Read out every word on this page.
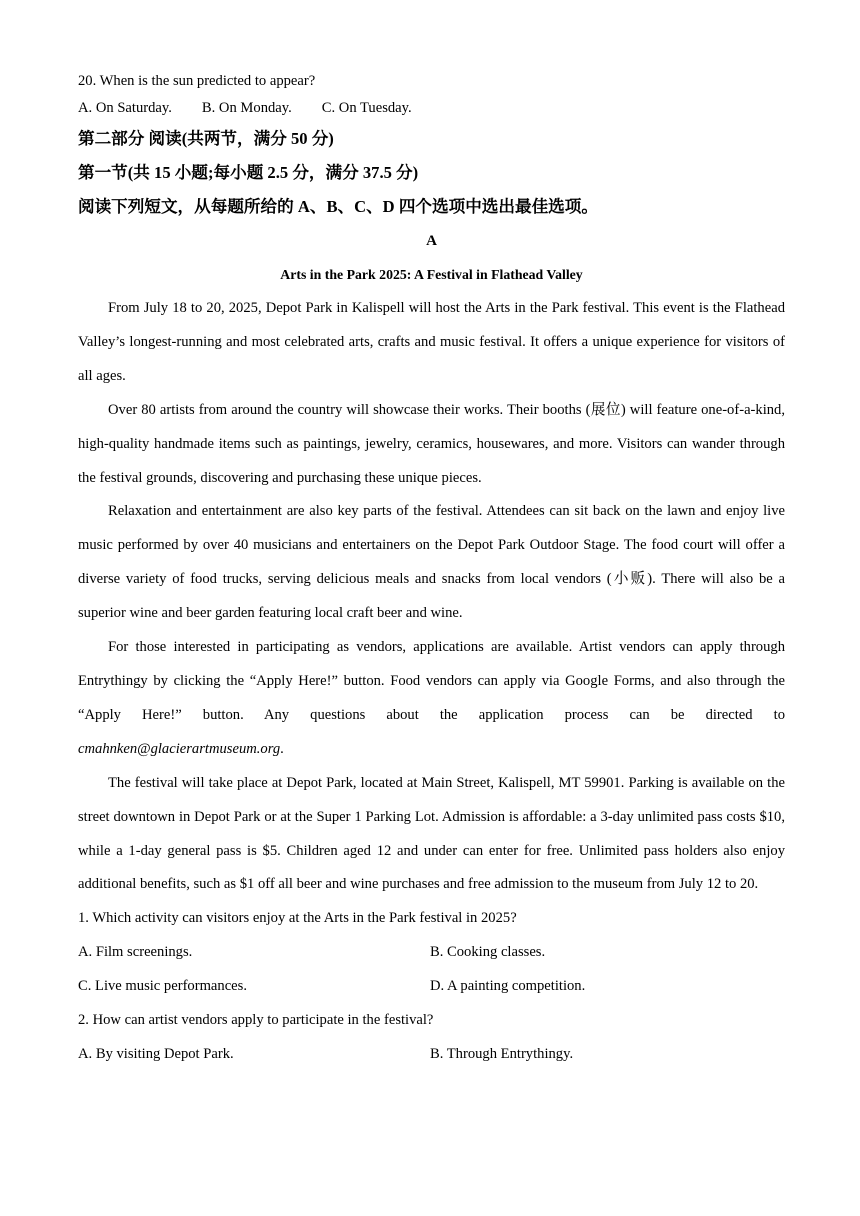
20. When is the sun predicted to appear?
A. On Saturday. B. On Monday. C. On Tuesday.
第二部分 阅读(共两节，满分 50 分)
第一节(共 15 小题;每小题 2.5 分，满分 37.5 分)
阅读下列短文，从每题所给的 A、B、C、D 四个选项中选出最佳选项。
A
Arts in the Park 2025: A Festival in Flathead Valley

From July 18 to 20, 2025, Depot Park in Kalispell will host the Arts in the Park festival. This event is the Flathead Valley’s longest-running and most celebrated arts, crafts and music festival. It offers a unique experience for visitors of all ages.

Over 80 artists from around the country will showcase their works. Their booths (展位) will feature one-of-a-kind, high-quality handmade items such as paintings, jewelry, ceramics, housewares, and more. Visitors can wander through the festival grounds, discovering and purchasing these unique pieces.

Relaxation and entertainment are also key parts of the festival. Attendees can sit back on the lawn and enjoy live music performed by over 40 musicians and entertainers on the Depot Park Outdoor Stage. The food court will offer a diverse variety of food trucks, serving delicious meals and snacks from local vendors (小贩). There will also be a superior wine and beer garden featuring local craft beer and wine.

For those interested in participating as vendors, applications are available. Artist vendors can apply through Entrythingy by clicking the “Apply Here!” button. Food vendors can apply via Google Forms, and also through the “Apply Here!” button. Any questions about the application process can be directed to cmahnken@glacierartmuseum.org.

The festival will take place at Depot Park, located at Main Street, Kalispell, MT 59901. Parking is available on the street downtown in Depot Park or at the Super 1 Parking Lot. Admission is affordable: a 3-day unlimited pass costs $10, while a 1-day general pass is $5. Children aged 12 and under can enter for free. Unlimited pass holders also enjoy additional benefits, such as $1 off all beer and wine purchases and free admission to the museum from July 12 to 20.

1. Which activity can visitors enjoy at the Arts in the Park festival in 2025?
A. Film screenings.	B. Cooking classes.
C. Live music performances.	D. A painting competition.
2. How can artist vendors apply to participate in the festival?
A. By visiting Depot Park.	B. Through Entrythingy.
